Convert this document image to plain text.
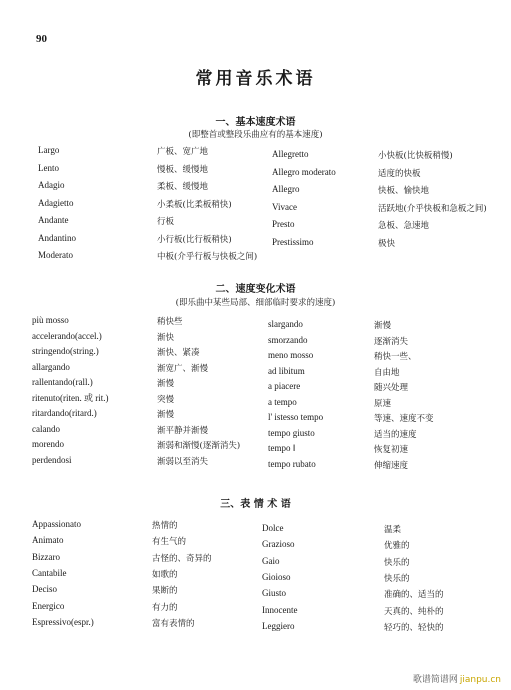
90
常用音乐术语
一、基本速度术语
(即整首或整段乐曲应有的基本速度)
Largo
Lento
Adagio
Adagietto
Andante
Andantino
Moderato
广板、宽广地
慢板、缓慢地
柔板、缓慢地
小柔板(比柔板稍快)
行板
小行板(比行板稍快)
中板(介乎行板与快板之间)
Allegretto
Allegro moderato
Allegro
Vivace
Presto
Prestissimo
小快板(比快板稍慢)
适度的快板
快板、愉快地
活跃地(介乎快板和急板之间)
急板、急速地
极快
二、速度变化术语
(即乐曲中某些局部、细部临时要求的速度)
più mosso
accelerando(accel.)
stringendo(string.)
allargando
rallentando(rall.)
ritenuto(riten. 或 rit.)
ritardando(ritard.)
calando
morendo
perdendosi
稍快些
渐快
渐快、紧凑
渐宽广、渐慢
渐慢
突慢
渐慢
渐平静并渐慢
渐弱和渐慢(逐渐消失)
渐弱以至消失
slargando
smorzando
meno mosso
ad libitum
a piacere
a tempo
l' istesso tempo
tempo giusto
tempo Ⅰ
tempo rubato
渐慢
逐渐消失
稍快一些、
自由地
随兴处理
原速
等速、速度不变
适当的速度
恢复初速
伸缩速度
三、表 情 术 语
Appassionato
Animato
Bizzaro
Cantabile
Deciso
Energico
Espressivo(espr.)
热情的
有生气的
古怪的、奇异的
如歌的
果断的
有力的
富有表情的
Dolce
Grazioso
Gaio
Gioioso
Giusto
Innocente
Leggiero
温柔
优雅的
快乐的
快乐的
准确的、适当的
天真的、纯朴的
轻巧的、轻快的
歌谱简谱网 jianpu.cn
